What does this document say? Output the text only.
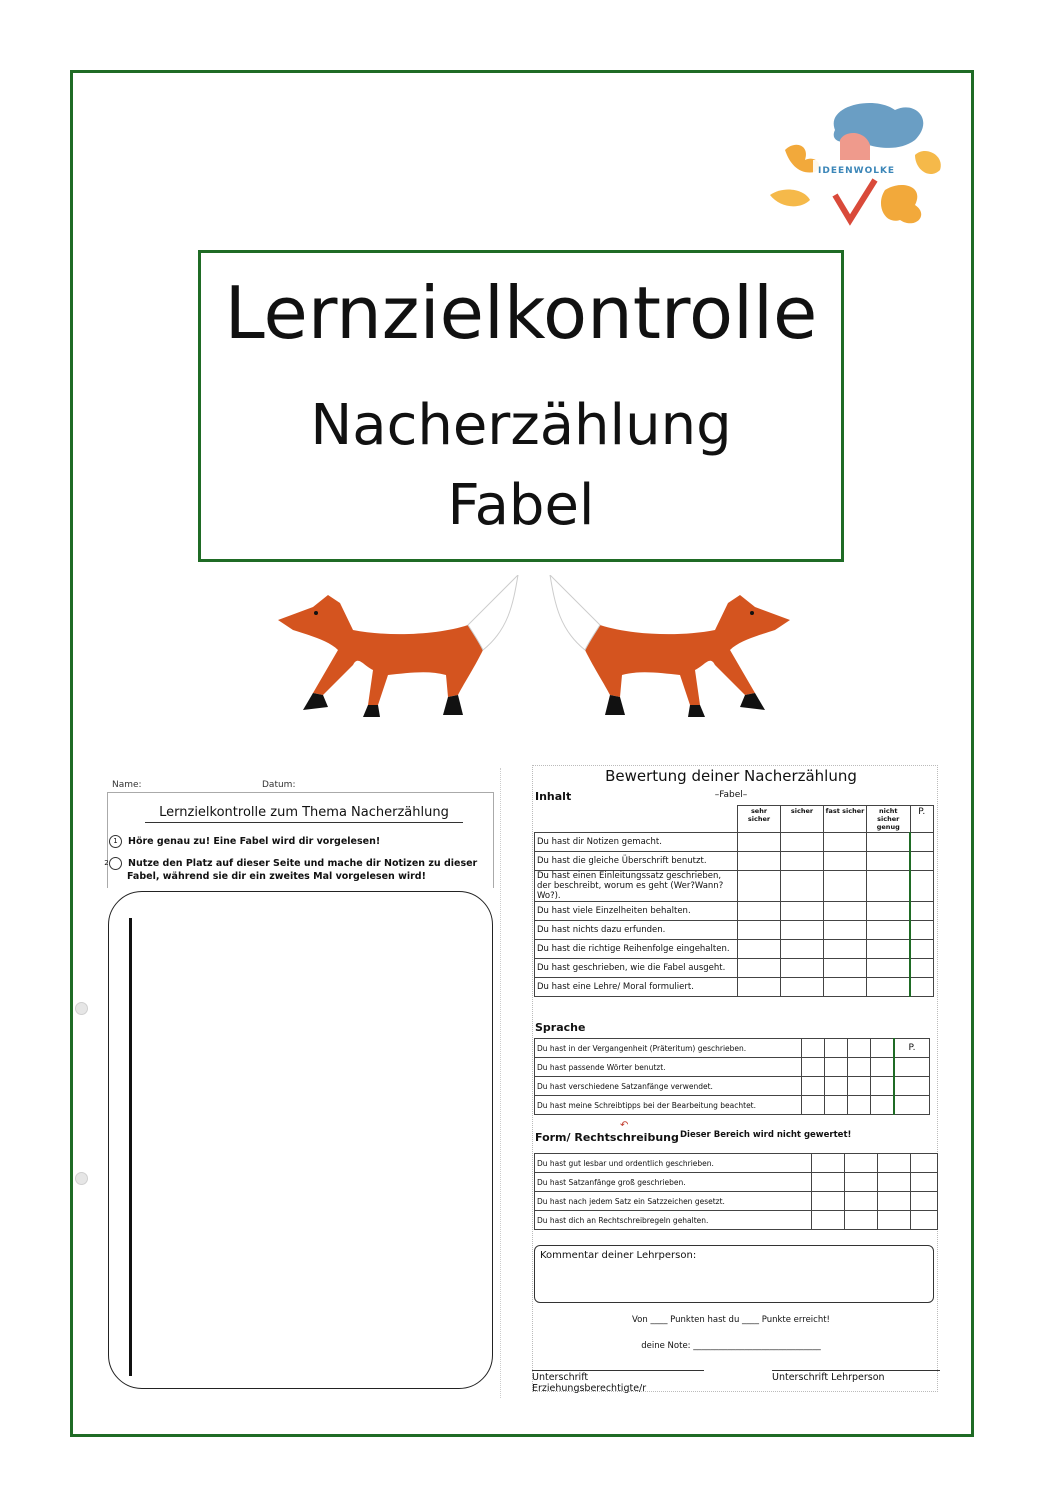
IDEENWOLKE
Lernzielkontrolle
Nacherzählung
Fabel
Name:	Datum:
Lernzielkontrolle zum Thema Nacherzählung
1 Höre genau zu! Eine Fabel wird dir vorgelesen!
2 Nutze den Platz auf dieser Seite und mache dir Notizen zu dieser Fabel, während sie dir ein zweites Mal vorgelesen wird!
Bewertung deiner Nacherzählung
–Fabel–
Inhalt
	sehr sicher	sicher	fast sicher	nicht sicher genug	P.
Du hast dir Notizen gemacht.					
Du hast die gleiche Überschrift benutzt.					
Du hast einen Einleitungssatz geschrieben, der beschreibt, worum es geht (Wer?Wann? Wo?).					
Du hast viele Einzelheiten behalten.					
Du hast nichts dazu erfunden.					
Du hast die richtige Reihenfolge eingehalten.					
Du hast geschrieben, wie die Fabel ausgeht.					
Du hast eine Lehre/ Moral formuliert.					
Sprache
Du hast in der Vergangenheit (Präteritum) geschrieben.					P.
Du hast passende Wörter benutzt.					
Du hast verschiedene Satzanfänge verwendet.					
Du hast meine Schreibtipps bei der Bearbeitung beachtet.					
↶
Form/ Rechtschreibung Dieser Bereich wird nicht gewertet!
Du hast gut lesbar und ordentlich geschrieben.				
Du hast Satzanfänge groß geschrieben.				
Du hast nach jedem Satz ein Satzzeichen gesetzt.				
Du hast dich an Rechtschreibregeln gehalten.				
Kommentar deiner Lehrperson:
Von ____ Punkten hast du ____ Punkte erreicht!
deine Note: ______________________________
Unterschrift Erziehungsberechtigte/r
Unterschrift Lehrperson
